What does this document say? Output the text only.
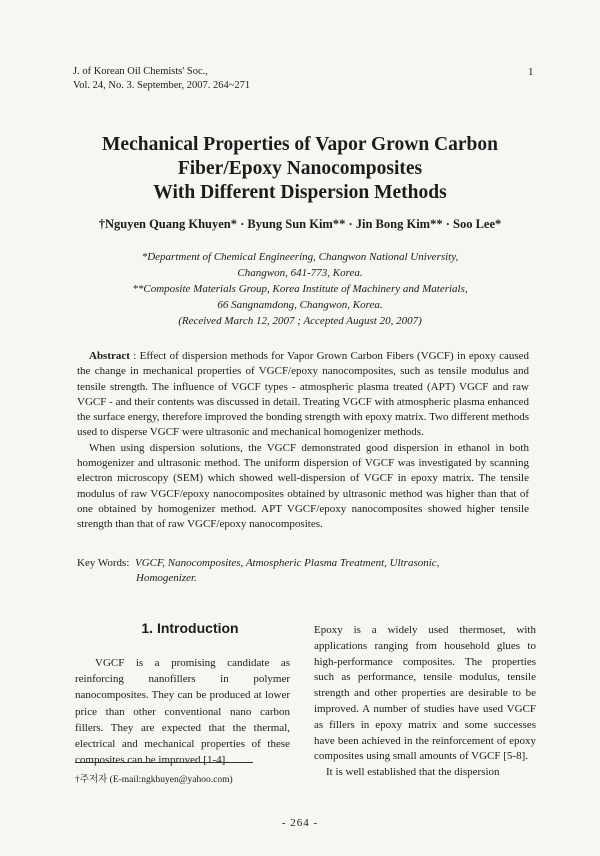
J. of Korean Oil Chemists' Soc.,
Vol. 24, No. 3. September, 2007. 264~271
1
Mechanical Properties of Vapor Grown Carbon
Fiber/Epoxy Nanocomposites
With Different Dispersion Methods
†Nguyen Quang Khuyen* · Byung Sun Kim** · Jin Bong Kim** · Soo Lee*
*Department of Chemical Engineering, Changwon National University,
Changwon, 641-773, Korea.
**Composite Materials Group, Korea Institute of Machinery and Materials,
66 Sangnamdong, Changwon, Korea.
(Received March 12, 2007 ; Accepted August 20, 2007)

Abstract : Effect of dispersion methods for Vapor Grown Carbon Fibers (VGCF) in epoxy caused the change in mechanical properties of VGCF/epoxy nanocomposites, such as tensile modulus and tensile strength. The influence of VGCF types - atmospheric plasma treated (APT) VGCF and raw VGCF - and their contents was discussed in detail. Treating VGCF with atmospheric plasma enhanced the surface energy, therefore improved the bonding strength with epoxy matrix. Two different methods used to disperse VGCF were ultrasonic and mechanical homogenizer methods.

When using dispersion solutions, the VGCF demonstrated good dispersion in ethanol in both homogenizer and ultrasonic method. The uniform dispersion of VGCF was investigated by scanning electron microscopy (SEM) which showed well-dispersion of VGCF in epoxy matrix. The tensile modulus of raw VGCF/epoxy nanocomposites obtained by ultrasonic method was higher than that of one obtained by homogenizer method. APT VGCF/epoxy nanocomposites showed higher tensile strength than that of raw VGCF/epoxy nanocomposites.

Key Words: VGCF, Nanocomposites, Atmospheric Plasma Treatment, Ultrasonic,
Homogenizer.
1. Introduction

VGCF is a promising candidate as reinforcing nanofillers in polymer nanocomposites. They can be produced at lower price than other conventional nano carbon fillers. They are expected that the thermal, electrical and mechanical properties of these composites can be improved [1-4].

Epoxy is a widely used thermoset, with applications ranging from household glues to high-performance composites. The properties such as performance, tensile modulus, tensile strength and other properties are desirable to be improved. A number of studies have used VGCF as fillers in epoxy matrix and some successes have been achieved in the reinforcement of epoxy composites using small amounts of VGCF [5-8].

It is well established that the dispersion

†주저자 (E-mail:ngkhuyen@yahoo.com)
- 264 -
